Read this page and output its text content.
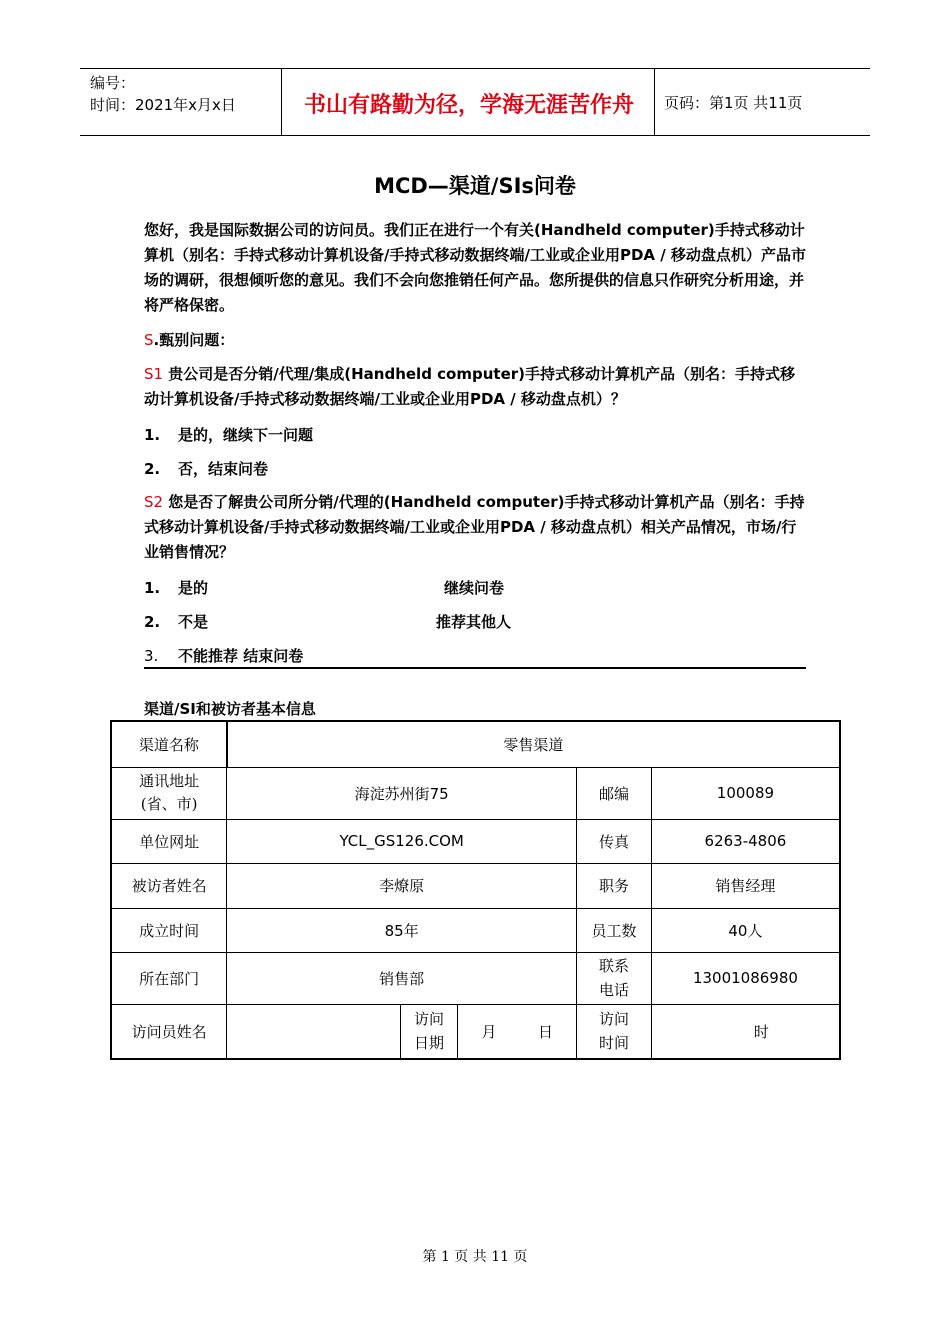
编号：
时间：2021年x月x日	书山有路勤为径，学海无涯苦作舟	页码：第1页 共11页
MCD—渠道/SIs问卷
您好，我是国际数据公司的访问员。我们正在进行一个有关(Handheld computer)手持式移动计算机（别名：手持式移动计算机设备/手持式移动数据终端/工业或企业用PDA / 移动盘点机）产品市场的调研，很想倾听您的意见。我们不会向您推销任何产品。您所提供的信息只作研究分析用途，并将严格保密。
S.甄别问题：
S1 贵公司是否分销/代理/集成(Handheld computer)手持式移动计算机产品（别名：手持式移动计算机设备/手持式移动数据终端/工业或企业用PDA / 移动盘点机）？
1. 是的，继续下一问题
2. 否，结束问卷
S2 您是否了解贵公司所分销/代理的(Handheld computer)手持式移动计算机产品（别名：手持式移动计算机设备/手持式移动数据终端/工业或企业用PDA / 移动盘点机）相关产品情况，市场/行业销售情况？
1. 是的	继续问卷
2. 不是	推荐其他人
3. 不能推荐 结束问卷
渠道/SI和被访者基本信息
渠道名称	零售渠道				
通讯地址(省、市)	海淀苏州街75			邮编	100089
单位网址	YCL_GS126.COM			传真	6263-4806
被访者姓名	李燎原			职务	销售经理
成立时间	85年			员工数	40人
所在部门	销售部			联系电话	13001086980
访问员姓名		访问日期	月 日	访问时间	时
第 1 页 共 11 页
